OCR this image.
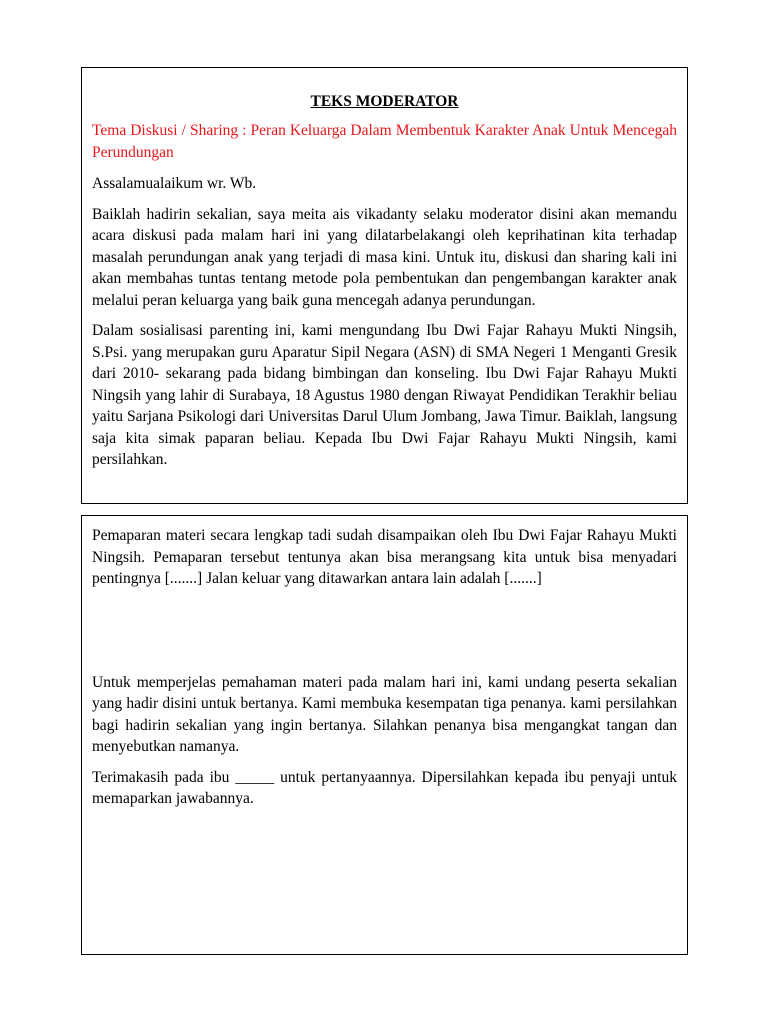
TEKS MODERATOR

Tema Diskusi / Sharing : Peran Keluarga Dalam Membentuk Karakter Anak Untuk Mencegah Perundungan

Assalamualaikum wr. Wb.

Baiklah hadirin sekalian, saya meita ais vikadanty selaku moderator disini akan memandu acara diskusi pada malam hari ini yang dilatarbelakangi oleh keprihatinan kita terhadap masalah perundungan anak yang terjadi di masa kini. Untuk itu, diskusi dan sharing kali ini akan membahas tuntas tentang metode pola pembentukan dan pengembangan karakter anak melalui peran keluarga yang baik guna mencegah adanya perundungan.

Dalam sosialisasi parenting ini, kami mengundang Ibu Dwi Fajar Rahayu Mukti Ningsih, S.Psi. yang merupakan guru Aparatur Sipil Negara (ASN) di SMA Negeri 1 Menganti Gresik dari 2010- sekarang pada bidang bimbingan dan konseling. Ibu Dwi Fajar Rahayu Mukti Ningsih yang lahir di Surabaya, 18 Agustus 1980 dengan Riwayat Pendidikan Terakhir beliau yaitu Sarjana Psikologi dari Universitas Darul Ulum Jombang, Jawa Timur. Baiklah, langsung saja kita simak paparan beliau. Kepada Ibu Dwi Fajar Rahayu Mukti Ningsih, kami persilahkan.

Pemaparan materi secara lengkap tadi sudah disampaikan oleh Ibu Dwi Fajar Rahayu Mukti Ningsih. Pemaparan tersebut tentunya akan bisa merangsang kita untuk bisa menyadari pentingnya [.......] Jalan keluar yang ditawarkan antara lain adalah [.......]

Untuk memperjelas pemahaman materi pada malam hari ini, kami undang peserta sekalian yang hadir disini untuk bertanya. Kami membuka kesempatan tiga penanya. kami persilahkan bagi hadirin sekalian yang ingin bertanya. Silahkan penanya bisa mengangkat tangan dan menyebutkan namanya.

Terimakasih pada ibu _____ untuk pertanyaannya. Dipersilahkan kepada ibu penyaji untuk memaparkan jawabannya.
